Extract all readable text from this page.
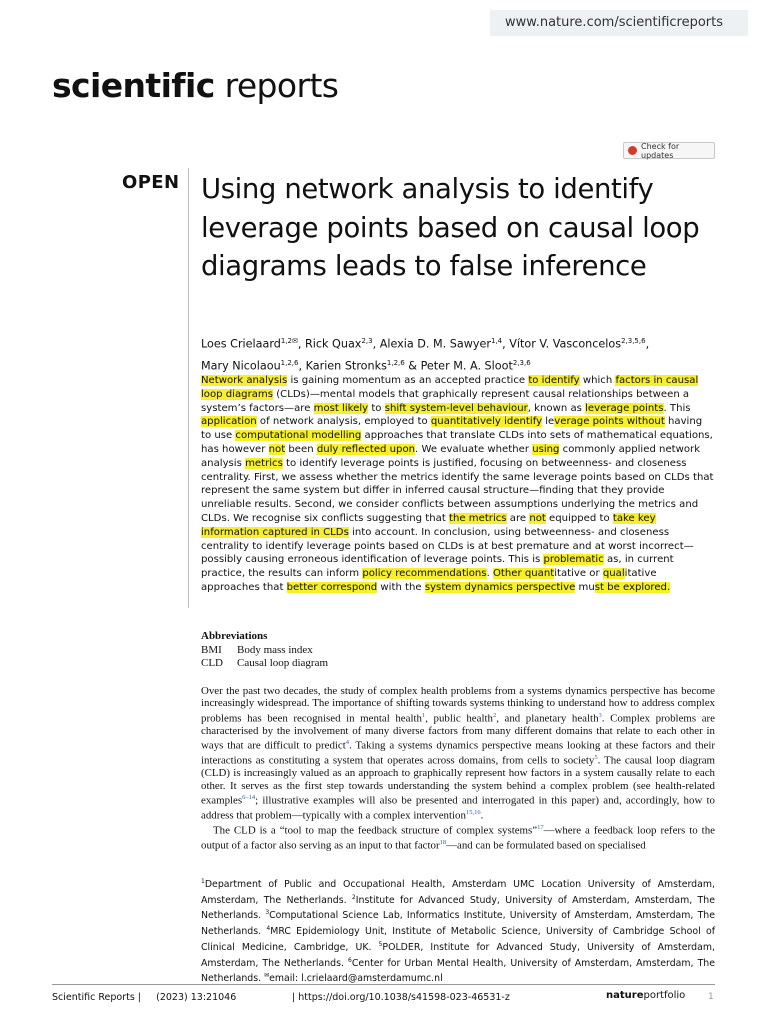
www.nature.com/scientificreports
scientific reports
Check for updates
OPEN Using network analysis to identify leverage points based on causal loop diagrams leads to false inference
Loes Crielaard$^{1,2✉}$, Rick Quax$^{2,3}$, Alexia D. M. Sawyer$^{1,4}$, Vítor V. Vasconcelos$^{2,3,5,6}$,
Mary Nicolaou$^{1,2,6}$, Karien Stronks$^{1,2,6}$ & Peter M. A. Sloot$^{2,3,6}$
Network analysis is gaining momentum as an accepted practice to identify which factors in causal loop diagrams (CLDs)—mental models that graphically represent causal relationships between a system’s factors—are most likely to shift system-level behaviour, known as leverage points. This application of network analysis, employed to quantitatively identify leverage points without having to use computational modelling approaches that translate CLDs into sets of mathematical equations, has however not been duly reflected upon. We evaluate whether using commonly applied network analysis metrics to identify leverage points is justified, focusing on betweenness- and closeness centrality. First, we assess whether the metrics identify the same leverage points based on CLDs that represent the same system but differ in inferred causal structure—finding that they provide unreliable results. Second, we consider conflicts between assumptions underlying the metrics and CLDs. We recognise six conflicts suggesting that the metrics are not equipped to take key information captured in CLDs into account. In conclusion, using betweenness- and closeness centrality to identify leverage points based on CLDs is at best premature and at worst incorrect—possibly causing erroneous identification of leverage points. This is problematic as, in current practice, the results can inform policy recommendations. Other quantitative or qualitative approaches that better correspond with the system dynamics perspective must be explored.
Abbreviations
BMI	Body mass index
CLD	Causal loop diagram

Over the past two decades, the study of complex health problems from a systems dynamics perspective has become increasingly widespread. The importance of shifting towards systems thinking to understand how to address complex problems has been recognised in mental health$^1$, public health$^2$, and planetary health$^3$. Complex problems are characterised by the involvement of many diverse factors from many different domains that relate to each other in ways that are difficult to predict$^4$. Taking a systems dynamics perspective means looking at these factors and their interactions as constituting a system that operates across domains, from cells to society$^5$. The causal loop diagram (CLD) is increasingly valued as an approach to graphically represent how factors in a system causally relate to each other. It serves as the first step towards understanding the system behind a complex problem (see health-related examples$^{6-14}$; illustrative examples will also be presented and interrogated in this paper) and, accordingly, how to address that problem—typically with a complex intervention$^{15,16}$.

The CLD is a “tool to map the feedback structure of complex systems”$^{17}$—where a feedback loop refers to the output of a factor also serving as an input to that factor$^{18}$—and can be formulated based on specialised

$^1$Department of Public and Occupational Health, Amsterdam UMC Location University of Amsterdam, Amsterdam, The Netherlands. $^2$Institute for Advanced Study, University of Amsterdam, Amsterdam, The Netherlands. $^3$Computational Science Lab, Informatics Institute, University of Amsterdam, Amsterdam, The Netherlands. $^4$MRC Epidemiology Unit, Institute of Metabolic Science, University of Cambridge School of Clinical Medicine, Cambridge, UK. $^5$POLDER, Institute for Advanced Study, University of Amsterdam, Amsterdam, The Netherlands. $^6$Center for Urban Mental Health, University of Amsterdam, Amsterdam, The Netherlands. ✉email: l.crielaard@amsterdamumc.nl
Scientific Reports | (2023) 13:21046	| https://doi.org/10.1038/s41598-023-46531-z	natureportfolio	1
